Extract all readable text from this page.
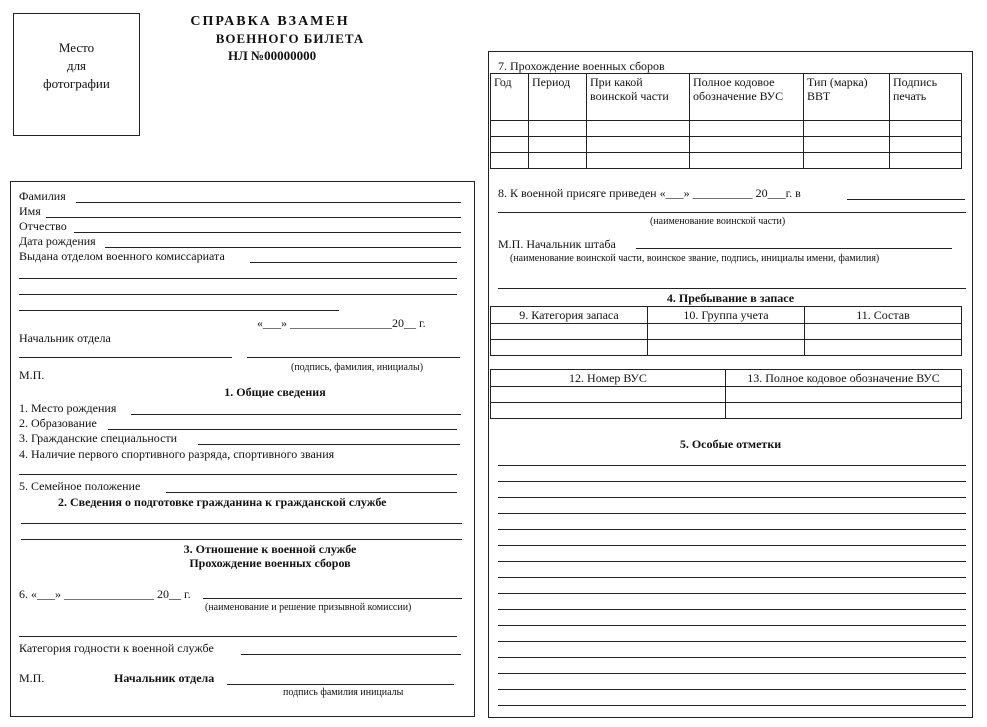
СПРАВКА ВЗАМЕН
ВОЕННОГО БИЛЕТА
НЛ №00000000
Место
для
фотографии
Фамилия
Имя
Отчество
Дата рождения
Выдана отделом военного комиссариата
«___» _________________20__ г.
Начальник отдела
(подпись, фамилия, инициалы)
М.П.
1. Общие сведения
1. Место рождения
2. Образование
3. Гражданские специальности
4. Наличие первого спортивного разряда, спортивного звания
5. Семейное положение
2. Сведения о подготовке гражданина к гражданской службе
3. Отношение к военной службе
Прохождение военных сборов
6. «___» _______________ 20__ г.
(наименование и решение призывной комиссии)
Категория годности к военной службе
М.П.	Начальник отдела
подпись фамилия инициалы
7. Прохождение военных сборов
Год	Период	При какой воинской части	Полное кодовое обозначение ВУС	Тип (марка) ВВТ	Подпись печать

8. К военной присяге приведен «___» __________ 20___г. в
(наименование воинской части)
М.П. Начальник штаба
(наименование воинской части, воинское звание, подпись, инициалы имени, фамилия)
4. Пребывание в запасе
9. Категория запаса	10. Группа учета	11. Состав

12. Номер ВУС	13. Полное кодовое обозначение ВУС

5. Особые отметки
